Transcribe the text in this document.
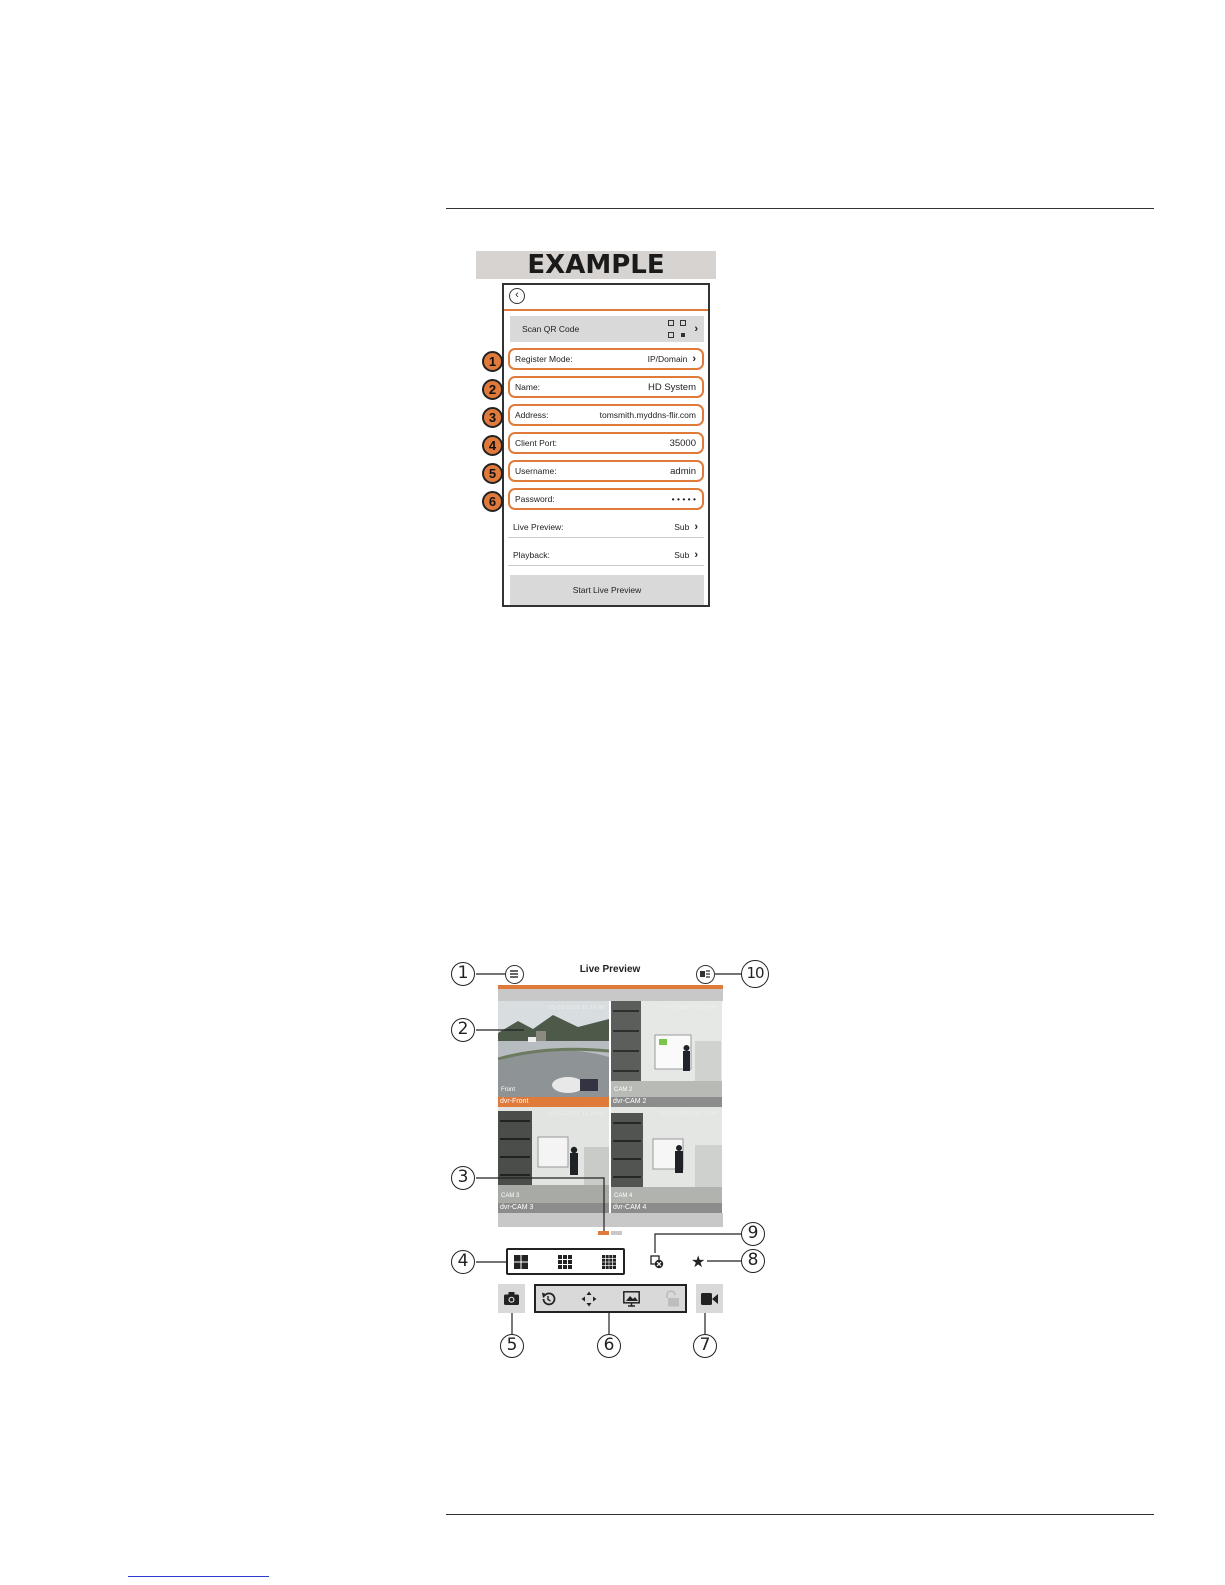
EXAMPLE
‹
Scan QR Code	›
Register Mode:	IP/Domain ›
Name:	HD System
Address:	tomsmith.myddns-flir.com
Client Port:	35000
Username:	admin
Password:	• • • • •
Live Preview:	Sub ›
Playback:	Sub ›
Start Live Preview
1
2
3
4
5
6
Live Preview
03-03-2016 11:16:40
Front
03-03-2016 11:16:40
CAM 2
03-03-2016 11:16:40
CAM 3
03-03-2016 11:16:40
CAM 4
dvr-Front	dvr-CAM 2
dvr-CAM 3	dvr-CAM 4
★
1
2
3
4
5	6	7
8
9
10
